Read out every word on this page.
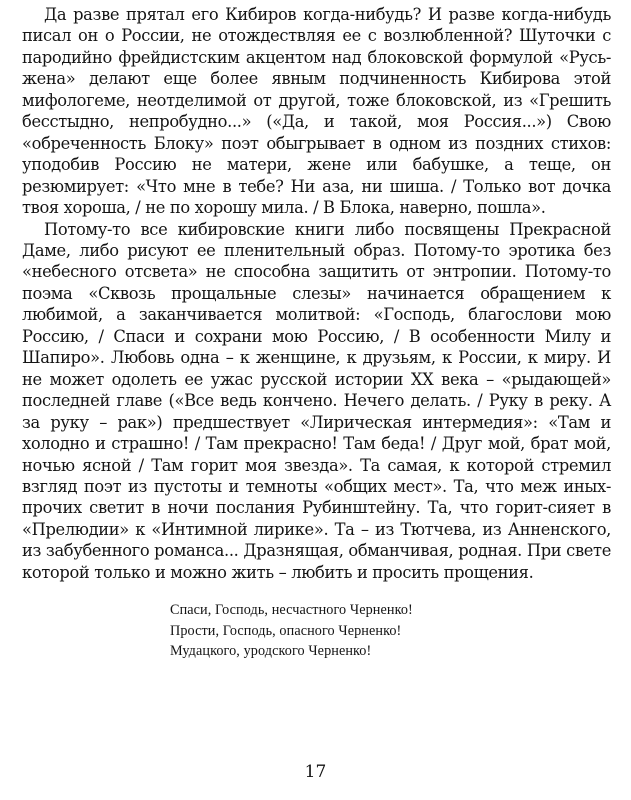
Да разве прятал его Кибиров когда-нибудь? И разве когда-нибудь писал он о России, не отождествляя ее с возлюбленной? Шуточки с пародийно фрейдистским акцентом над блоковской формулой «Русь-жена» делают еще более явным подчиненность Кибирова этой мифологеме, неотделимой от другой, тоже блоковской, из «Грешить бесстыдно, непробудно...» («Да, и такой, моя Россия...») Свою «обреченность Блоку» поэт обыгрывает в одном из поздних стихов: уподобив Россию не матери, жене или бабушке, а теще, он резюмирует: «Что мне в тебе? Ни аза, ни шиша. / Только вот дочка твоя хороша, / не по хорошу мила. / В Блока, наверно, пошла».

Потому-то все кибировские книги либо посвящены Прекрасной Даме, либо рисуют ее пленительный образ. Потому-то эротика без «небесного отсвета» не способна защитить от энтропии. Потому-то поэма «Сквозь прощальные слезы» начинается обращением к любимой, а заканчивается молитвой: «Господь, благослови мою Россию, / Спаси и сохрани мою Россию, / В особенности Милу и Шапиро». Любовь одна – к женщине, к друзьям, к России, к миру. И не может одолеть ее ужас русской истории XX века – «рыдающей» последней главе («Все ведь кончено. Нечего делать. / Руку в реку. А за руку – рак») предшествует «Лирическая интермедия»: «Там и холодно и страшно! / Там прекрасно! Там беда! / Друг мой, брат мой, ночью ясной / Там горит моя звезда». Та самая, к которой стремил взгляд поэт из пустоты и темноты «общих мест». Та, что меж иных-прочих светит в ночи послания Рубинштейну. Та, что горит-сияет в «Прелюдии» к «Интимной лирике». Та – из Тютчева, из Анненского, из забубенного романса... Дразнящая, обманчивая, родная. При свете которой только и можно жить – любить и просить прощения.

Спаси, Господь, несчастного Черненко!
Прости, Господь, опасного Черненко!
Мудацкого, уродского Черненко!
17
